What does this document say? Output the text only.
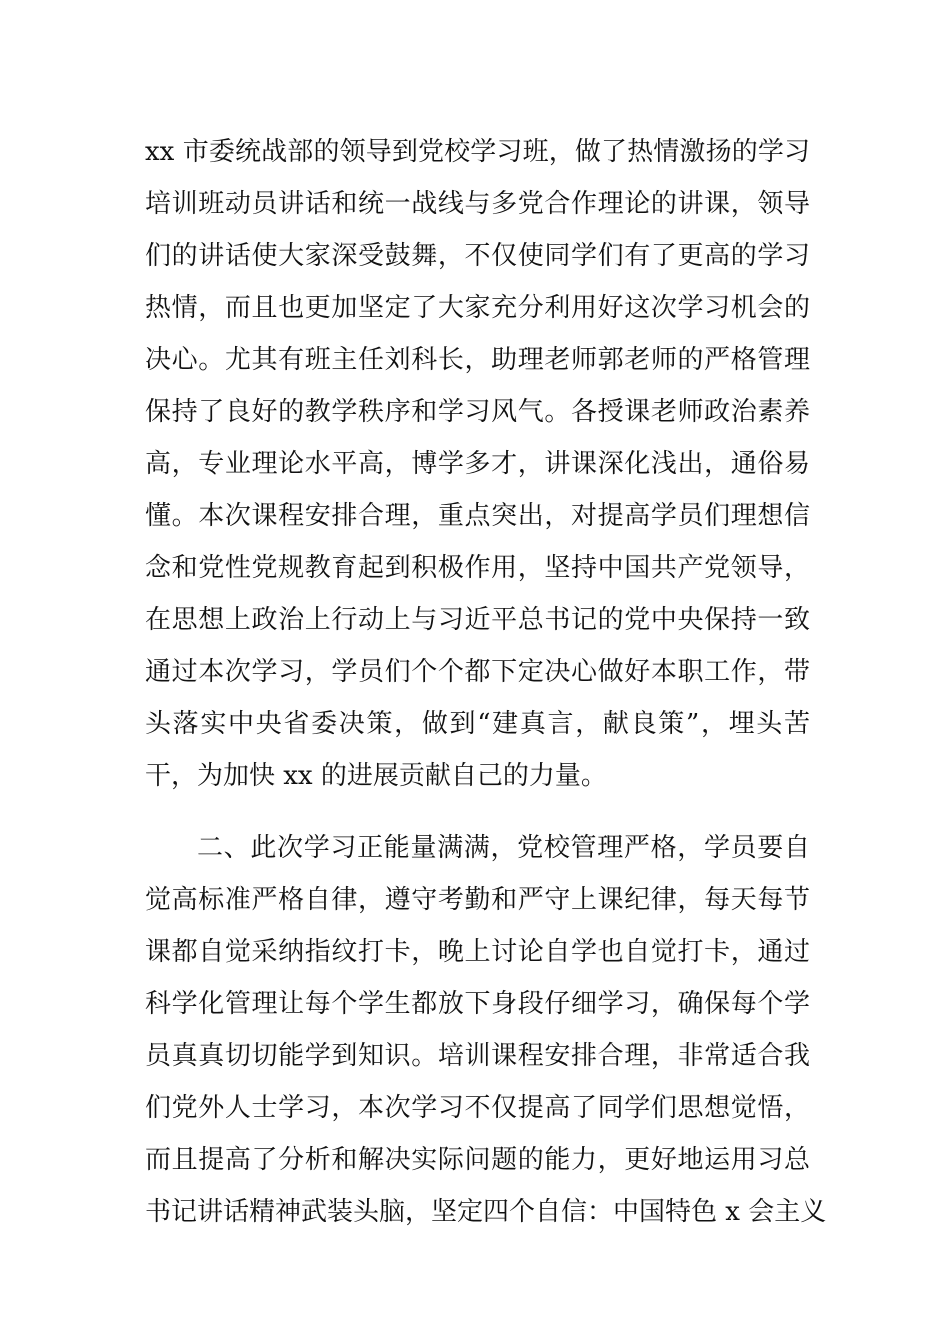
xx 市委统战部的领导到党校学习班，做了热情激扬的学习
培训班动员讲话和统一战线与多党合作理论的讲课，领导
们的讲话使大家深受鼓舞，不仅使同学们有了更高的学习
热情，而且也更加坚定了大家充分利用好这次学习机会的
决心。尤其有班主任刘科长，助理老师郭老师的严格管理
保持了良好的教学秩序和学习风气。各授课老师政治素养
高，专业理论水平高，博学多才，讲课深化浅出，通俗易
懂。本次课程安排合理，重点突出，对提高学员们理想信
念和党性党规教育起到积极作用，坚持中国共产党领导，
在思想上政治上行动上与习近平总书记的党中央保持一致
通过本次学习，学员们个个都下定决心做好本职工作，带
头落实中央省委决策，做到“建真言，献良策”，埋头苦
干，为加快 xx 的进展贡献自己的力量。
二、此次学习正能量满满，党校管理严格，学员要自
觉高标准严格自律，遵守考勤和严守上课纪律，每天每节
课都自觉采纳指纹打卡，晚上讨论自学也自觉打卡，通过
科学化管理让每个学生都放下身段仔细学习，确保每个学
员真真切切能学到知识。培训课程安排合理，非常适合我
们党外人士学习，本次学习不仅提高了同学们思想觉悟，
而且提高了分析和解决实际问题的能力，更好地运用习总
书记讲话精神武装头脑，坚定四个自信：中国特色 x 会主义
